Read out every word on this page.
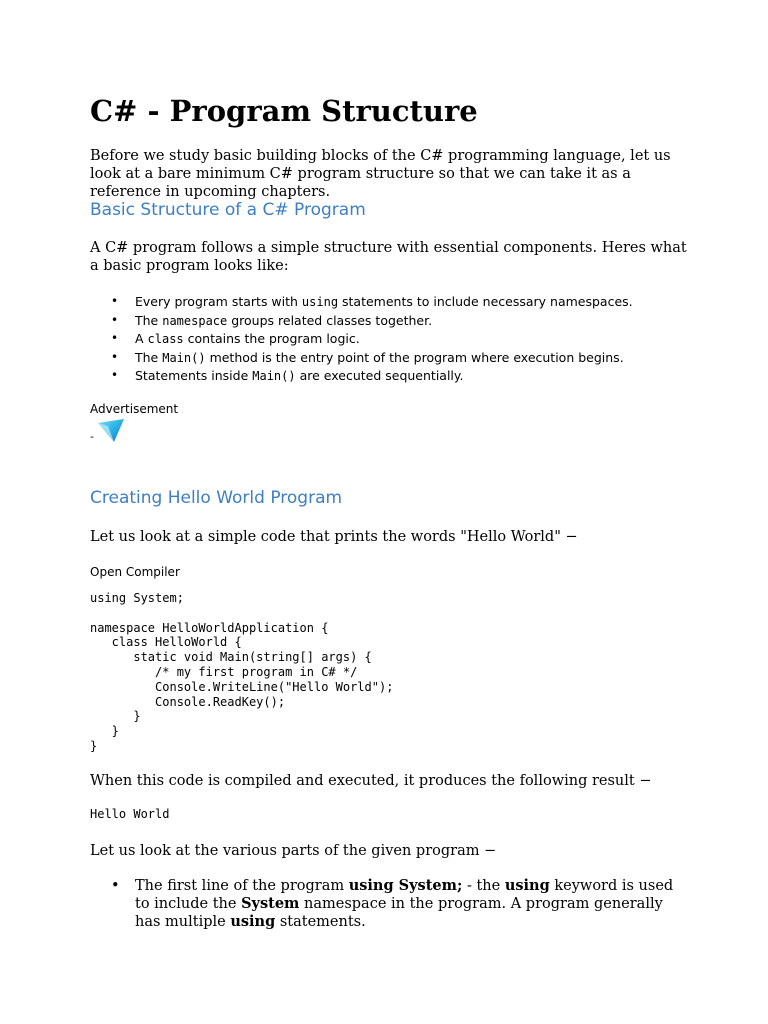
C# - Program Structure

Before we study basic building blocks of the C# programming language, let us look at a bare minimum C# program structure so that we can take it as a reference in upcoming chapters.

Basic Structure of a C# Program

A C# program follows a simple structure with essential components. Heres what a basic program looks like:

• Every program starts with using statements to include necessary namespaces.
• The namespace groups related classes together.
• A class contains the program logic.
• The Main() method is the entry point of the program where execution begins.
• Statements inside Main() are executed sequentially.
Advertisement
-
Creating Hello World Program

Let us look at a simple code that prints the words "Hello World" −

Open Compiler
using System;

namespace HelloWorldApplication {
class HelloWorld {
static void Main(string[] args) {
/* my first program in C# */
Console.WriteLine("Hello World");
Console.ReadKey();
}
}
}

When this code is compiled and executed, it produces the following result −

Hello World

Let us look at the various parts of the given program −

• The first line of the program using System; - the using keyword is used to include the System namespace in the program. A program generally has multiple using statements.
